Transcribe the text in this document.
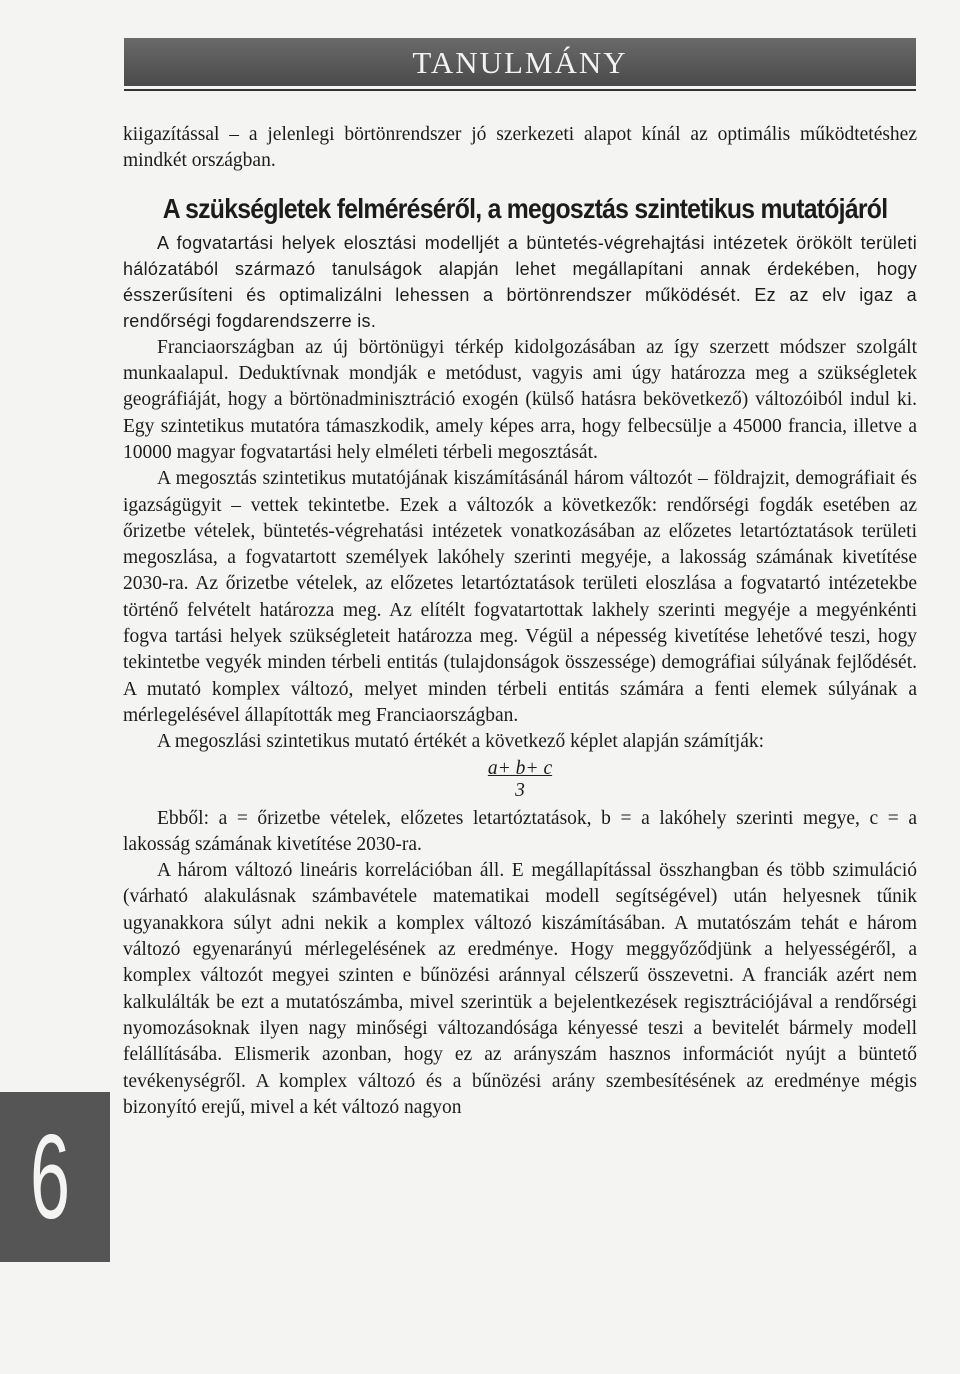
TANULMÁNY

kiigazítással – a jelenlegi börtönrendszer jó szerkezeti alapot kínál az optimális működtetéshez mindkét országban.

A szükségletek felméréséről, a megosztás szintetikus mutatójáról

A fogvatartási helyek elosztási modelljét a büntetés-végrehajtási intézetek örökölt területi hálózatából származó tanulságok alapján lehet megállapítani annak érdekében, hogy ésszerűsíteni és optimalizálni lehessen a börtönrendszer működését. Ez az elv igaz a rendőrségi fogdarendszerre is.

Franciaországban az új börtönügyi térkép kidolgozásában az így szerzett módszer szolgált munkaalapul. Deduktívnak mondják e metódust, vagyis ami úgy határozza meg a szükségletek geográfiáját, hogy a börtönadminisztráció exogén (külső hatásra bekövetkező) változóiból indul ki. Egy szintetikus mutatóra támaszkodik, amely képes arra, hogy felbecsülje a 45000 francia, illetve a 10000 magyar fogvatartási hely elméleti térbeli megosztását.

A megosztás szintetikus mutatójának kiszámításánál három változót – földrajzit, demográfiait és igazságügyit – vettek tekintetbe. Ezek a változók a következők: rendőrségi fogdák esetében az őrizetbe vételek, büntetés-végrehatási intézetek vonatkozásában az előzetes letartóztatások területi megoszlása, a fogvatartott személyek lakóhely szerinti megyéje, a lakosság számának kivetítése 2030-ra. Az őrizetbe vételek, az előzetes letartóztatások területi eloszlása a fogvatartó intézetekbe történő felvételt határozza meg. Az elítélt fogvatartottak lakhely szerinti megyéje a megyénkénti fogva tartási helyek szükségleteit határozza meg. Végül a népesség kivetítése lehetővé teszi, hogy tekintetbe vegyék minden térbeli entitás (tulajdonságok összessége) demográfiai súlyának fejlődését. A mutató komplex változó, melyet minden térbeli entitás számára a fenti elemek súlyának a mérlegelésével állapították meg Franciaországban.

A megoszlási szintetikus mutató értékét a következő képlet alapján számítják:

a+ b+ c
3

Ebből: a = őrizetbe vételek, előzetes letartóztatások, b = a lakóhely szerinti megye, c = a lakosság számának kivetítése 2030-ra.

A három változó lineáris korrelációban áll. E megállapítással összhangban és több szimuláció (várható alakulásnak számbavétele matematikai modell segítségével) után helyesnek tűnik ugyanakkora súlyt adni nekik a komplex változó kiszámításában. A mutatószám tehát e három változó egyenarányú mérlegelésének az eredménye. Hogy meggyőződjünk a helyességéről, a komplex változót megyei szinten e bűnözési aránnyal célszerű összevetni. A franciák azért nem kalkulálták be ezt a mutatószámba, mivel szerintük a bejelentkezések regisztrációjával a rendőrségi nyomozásoknak ilyen nagy minőségi változandósága kényessé teszi a bevitelét bármely modell felállításába. Elismerik azonban, hogy ez az arányszám hasznos információt nyújt a büntető tevékenységről. A komplex változó és a bűnözési arány szembesítésének az eredménye mégis bizonyító erejű, mivel a két változó nagyon

6
